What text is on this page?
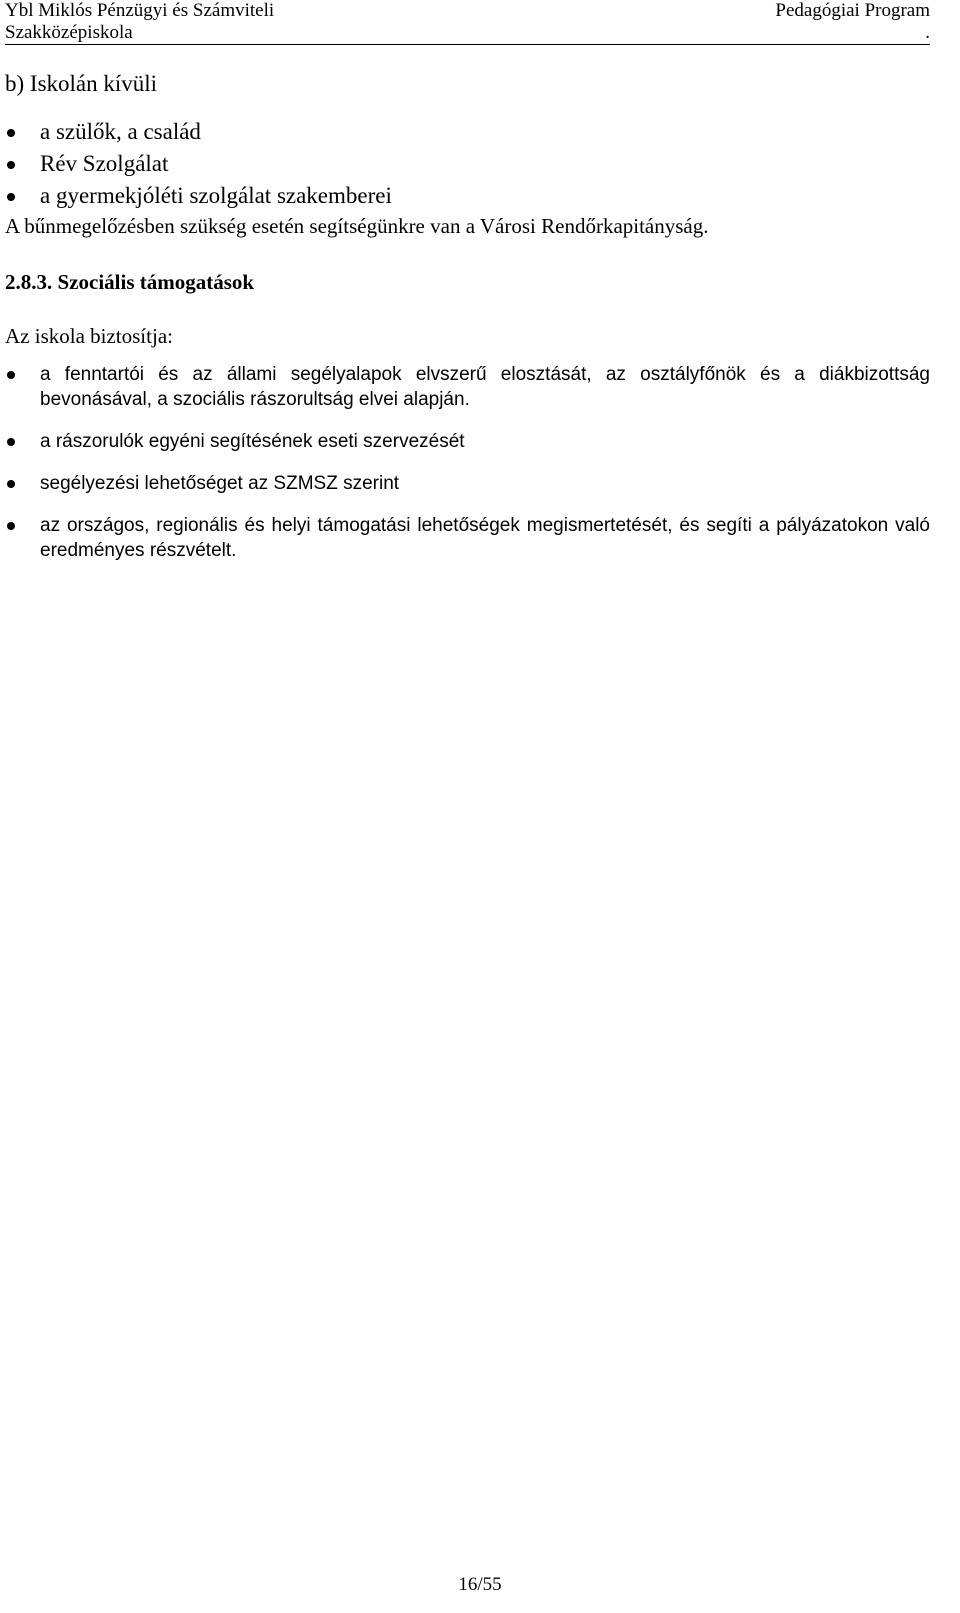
Ybl Miklós Pénzügyi és Számviteli
Szakközépiskola
Pedagógiai Program
.
b) Iskolán kívüli
a szülők, a család
Rév Szolgálat
a gyermekjóléti szolgálat szakemberei

A bűnmegelőzésben szükség esetén segítségünkre van a Városi Rendőrkapitányság.

2.8.3. Szociális támogatások

Az iskola biztosítja:

a fenntartói és az állami segélyalapok elvszerű elosztását, az osztályfőnök és a diákbizottság bevonásával, a szociális rászorultság elvei alapján.
a rászorulók egyéni segítésének eseti szervezését
segélyezési lehetőséget az SZMSZ szerint
az országos, regionális és helyi támogatási lehetőségek megismertetését, és segíti a pályázatokon való eredményes részvételt.
16/55
